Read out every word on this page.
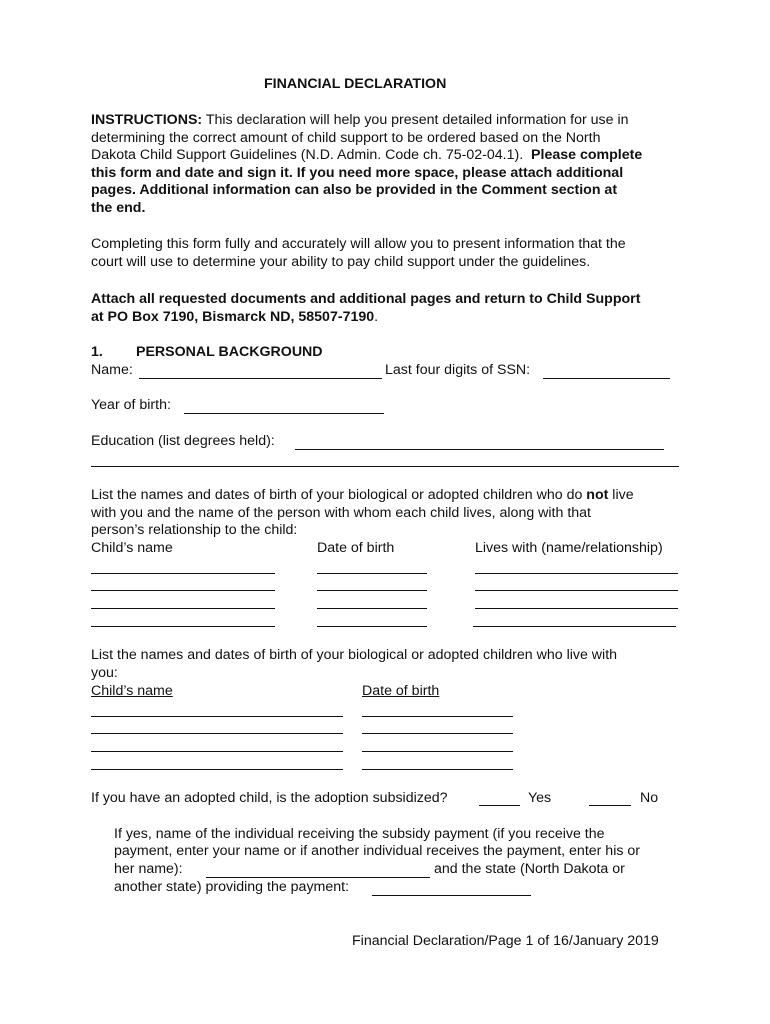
FINANCIAL DECLARATION
INSTRUCTIONS: This declaration will help you present detailed information for use in
determining the correct amount of child support to be ordered based on the North
Dakota Child Support Guidelines (N.D. Admin. Code ch. 75-02-04.1). Please complete
this form and date and sign it. If you need more space, please attach additional
pages. Additional information can also be provided in the Comment section at
the end.
Completing this form fully and accurately will allow you to present information that the
court will use to determine your ability to pay child support under the guidelines.
Attach all requested documents and additional pages and return to Child Support
at PO Box 7190, Bismarck ND, 58507-7190.
1. PERSONAL BACKGROUND
Name:	Last four digits of SSN:
Year of birth:
Education (list degrees held):
List the names and dates of birth of your biological or adopted children who do not live
with you and the name of the person with whom each child lives, along with that
person’s relationship to the child:
Child’s name	Date of birth	Lives with (name/relationship)
List the names and dates of birth of your biological or adopted children who live with
you:
Child’s name	Date of birth
If you have an adopted child, is the adoption subsidized?	Yes	No
If yes, name of the individual receiving the subsidy payment (if you receive the
payment, enter your name or if another individual receives the payment, enter his or
her name):	and the state (North Dakota or
another state) providing the payment:
Financial Declaration/Page 1 of 16/January 2019
